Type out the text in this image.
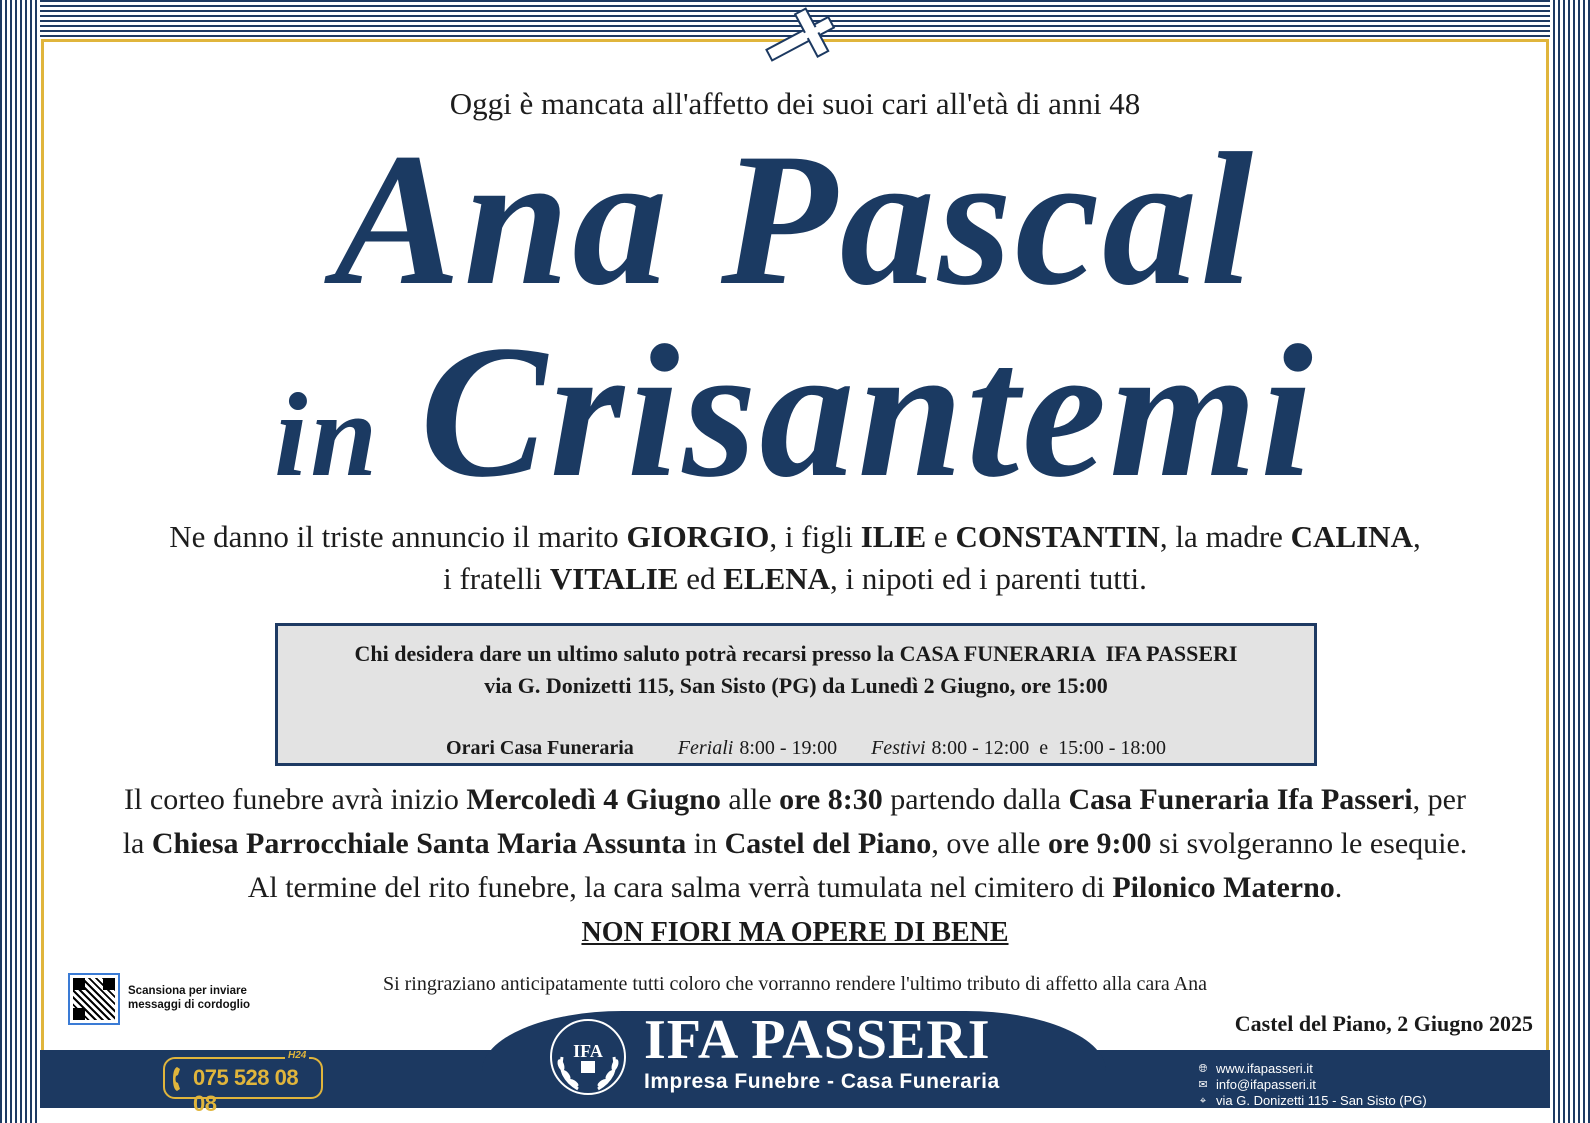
Oggi è mancata all'affetto dei suoi cari all'età di anni 48
Ana Pascal
in Crisantemi
Ne danno il triste annuncio il marito GIORGIO, i figli ILIE e CONSTANTIN, la madre CALINA,
i fratelli VITALIE ed ELENA, i nipoti ed i parenti tutti.
Chi desidera dare un ultimo saluto potrà recarsi presso la CASA FUNERARIA  IFA PASSERI
via G. Donizetti 115, San Sisto (PG) da Lunedì 2 Giugno, ore 15:00

Orari Casa Funeraria Feriali 8:00 - 19:00 Festivi 8:00 - 12:00  e  15:00 - 18:00

Il corteo funebre avrà inizio Mercoledì 4 Giugno alle ore 8:30 partendo dalla Casa Funeraria Ifa Passeri, per
la Chiesa Parrocchiale Santa Maria Assunta in Castel del Piano, ove alle ore 9:00 si svolgeranno le esequie.
Al termine del rito funebre, la cara salma verrà tumulata nel cimitero di Pilonico Materno.
NON FIORI MA OPERE DI BENE
Si ringraziano anticipatamente tutti coloro che vorranno rendere l'ultimo tributo di affetto alla cara Ana
Castel del Piano, 2 Giugno 2025
Scansiona per inviare
messaggi di cordoglio
IFA IFA PASSERI
Impresa Funebre - Casa Funeraria
075 528 08 08
H24
🌐︎ www.ifapasseri.it
✉ info@ifapasseri.it
⌖ via G. Donizetti 115 - San Sisto (PG)
